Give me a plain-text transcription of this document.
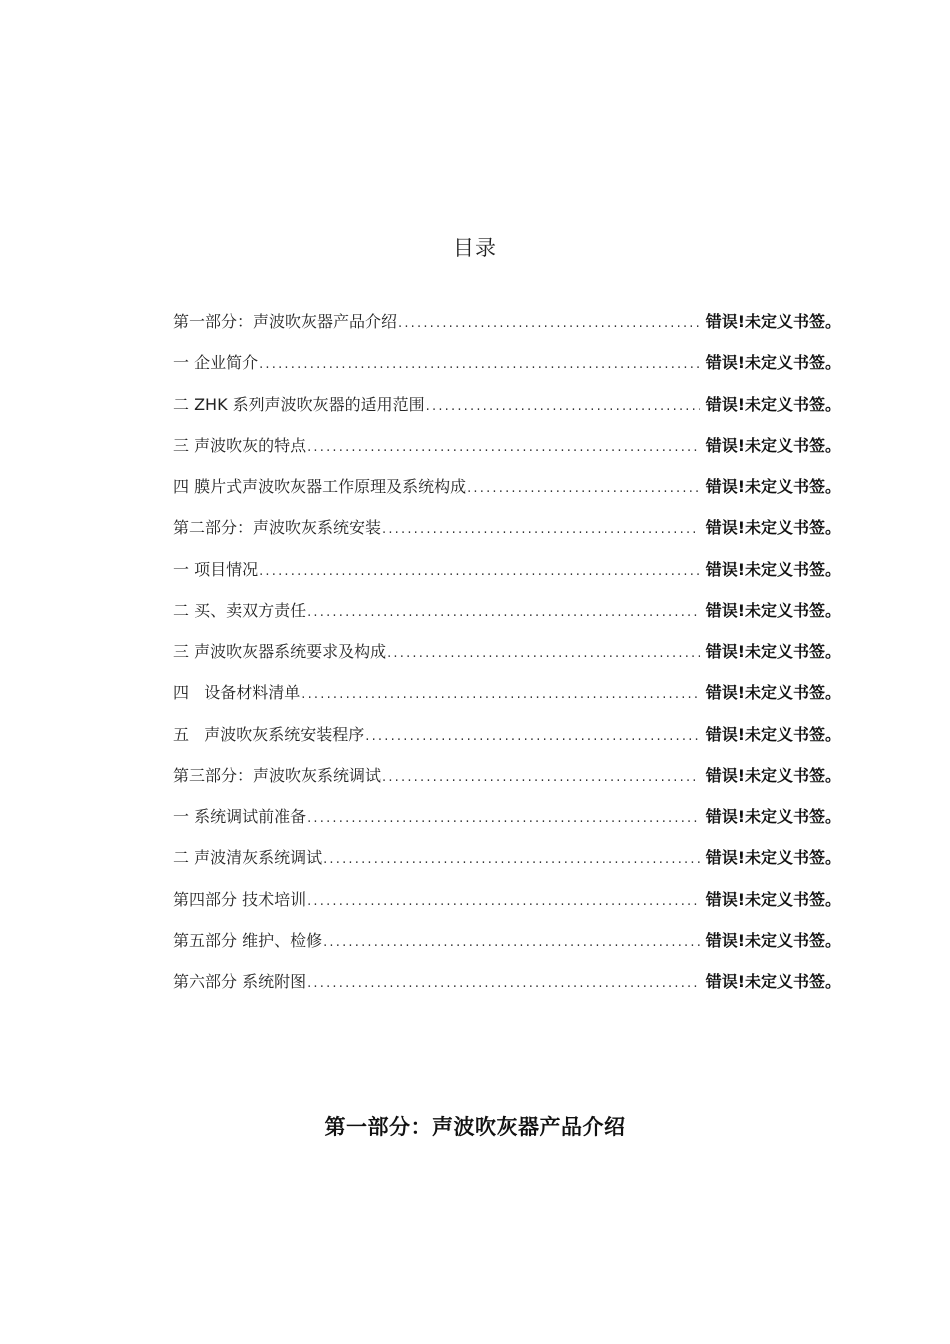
目录
第一部分：声波吹灰器产品介绍 .....	错误!未定义书签。
一 企业简介 .....	错误!未定义书签。
二 ZHK 系列声波吹灰器的适用范围 .....	错误!未定义书签。
三 声波吹灰的特点 .....	错误!未定义书签。
四 膜片式声波吹灰器工作原理及系统构成 .....	错误!未定义书签。
第二部分：声波吹灰系统安装 .....	错误!未定义书签。
一 项目情况 .....	错误!未定义书签。
二 买、卖双方责任 .....	错误!未定义书签。
三 声波吹灰器系统要求及构成 .....	错误!未定义书签。
四   设备材料清单 .....	错误!未定义书签。
五   声波吹灰系统安装程序 .....	错误!未定义书签。
第三部分：声波吹灰系统调试 .....	错误!未定义书签。
一 系统调试前准备 .....	错误!未定义书签。
二 声波清灰系统调试 .....	错误!未定义书签。
第四部分 技术培训 .....	错误!未定义书签。
第五部分 维护、检修 .....	错误!未定义书签。
第六部分 系统附图 .....	错误!未定义书签。
第一部分：声波吹灰器产品介绍
